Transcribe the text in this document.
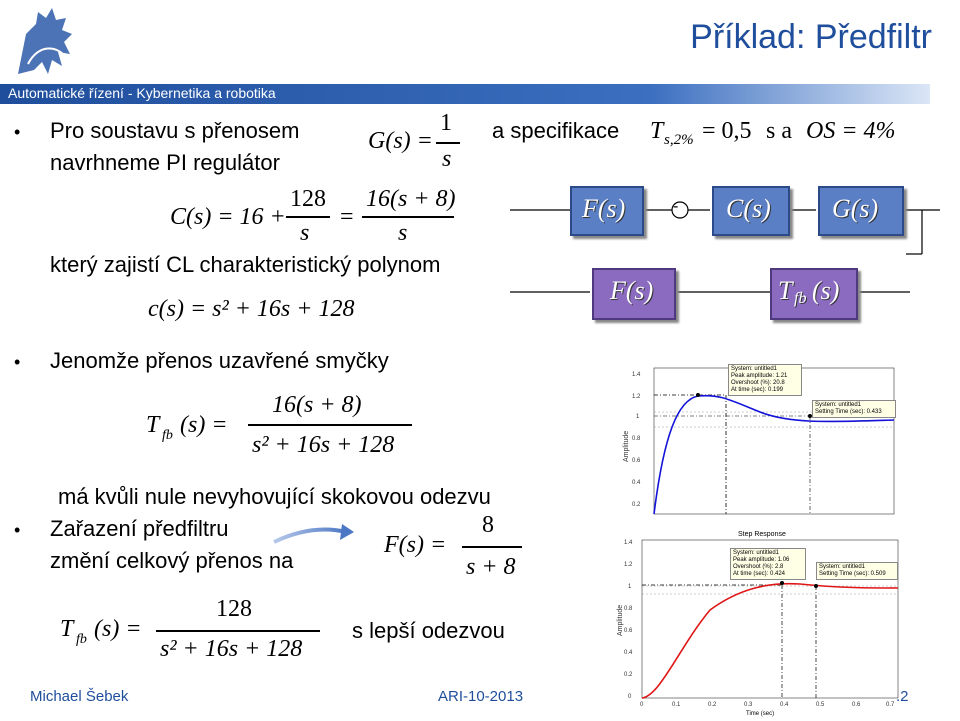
Příklad: Předfiltr
Automatické řízení - Kybernetika a robotika
• Pro soustavu s přenosem
navrhneme PI regulátor
G(s) =
1
s
a specifikace T s,2% = 0,5 s a OS = 4%
C(s) = 16 +
128
s
=
16(s + 8)
s
který zajistí CL charakteristický polynom
c(s) = s² + 16s + 128
F(s)	- C(s) G(s)
F(s)	T fb (s)
• Jenomže přenos uzavřené smyčky
T fb (s) =
16(s + 8)
s² + 16s + 128
má kvůli nule nevyhovující skokovou odezvu
• Zařazení předfiltru
změní celkový přenos na
F(s) =
8
s + 8
T fb (s) =
128
s² + 16s + 128
s lepší odezvou
1.4
1.2
1
0.8
0.6
0.4
0.2
Amplitude
System: untitled1
Peak amplitude: 1.21
Overshoot (%): 20.8
At time (sec): 0.199
System: untitled1
Setting Time (sec): 0.433
Step Response
1.4
1.2
1
0.8
0.6
0.4
0.2
0
0	0.1	0.2	0.3	0.4	0.5	0.6	0.7
Time (sec)
Amplitude
System: untitled1
Peak amplitude: 1.06
Overshoot (%): 2.8
At time (sec): 0.424
System: untitled1
Setting Time (sec): 0.509
Michael Šebek	ARI-10-2013	.2
